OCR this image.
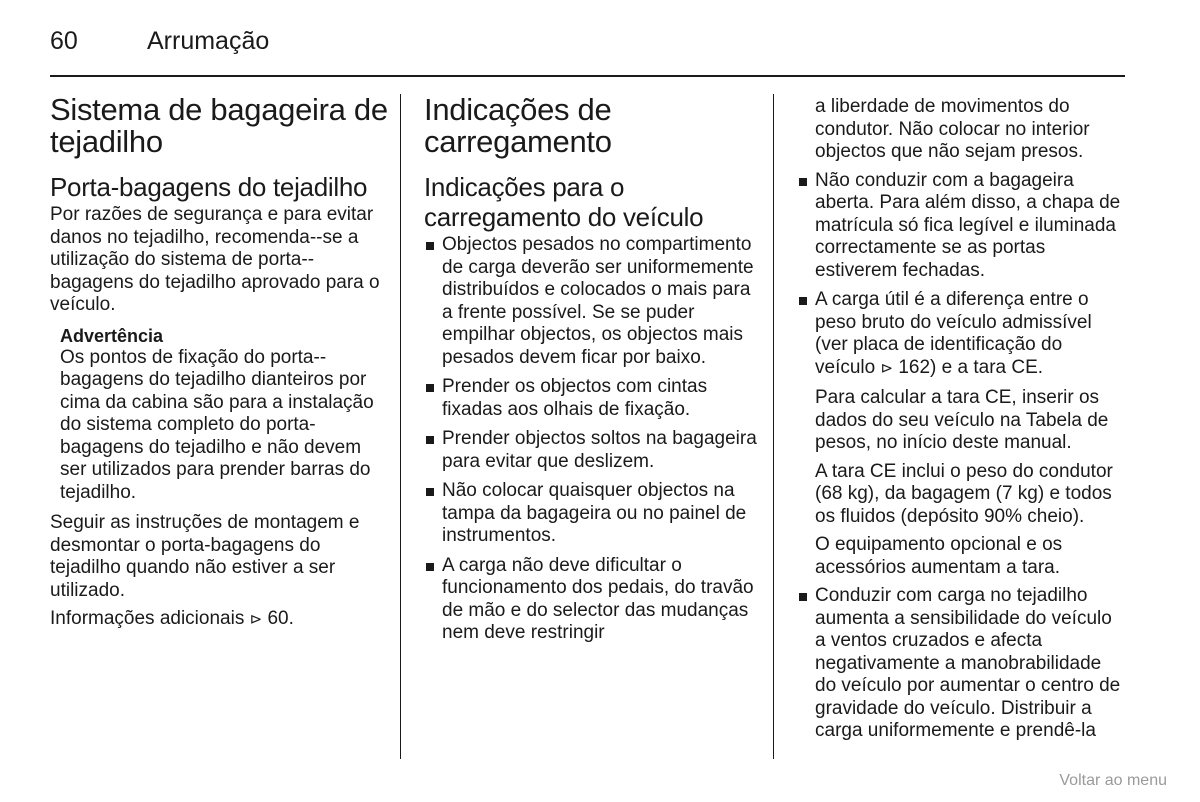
60	Arrumação
Sistema de bagageira de tejadilho
Porta-bagagens do tejadilho

Por razões de segurança e para evitar danos no tejadilho, recomenda--se a utilização do sistema de porta--bagagens do tejadilho aprovado para o veículo.

Advertência
Os pontos de fixação do porta--bagagens do tejadilho dianteiros por cima da cabina são para a instalação do sistema completo do porta-bagagens do tejadilho e não devem ser utilizados para prender barras do tejadilho.

Seguir as instruções de montagem e desmontar o porta-bagagens do tejadilho quando não estiver a ser utilizado.

Informações adicionais ⊳ 60.

Indicações de carregamento
Indicações para o carregamento do veículo
Objectos pesados no compartimento de carga deverão ser uniformemente distribuídos e colocados o mais para a frente possível. Se se puder empilhar objectos, os objectos mais pesados devem ficar por baixo.
Prender os objectos com cintas fixadas aos olhais de fixação.
Prender objectos soltos na bagageira para evitar que deslizem.
Não colocar quaisquer objectos na tampa da bagageira ou no painel de instrumentos.
A carga não deve dificultar o funcionamento dos pedais, do travão de mão e do selector das mudanças nem deve restringir

a liberdade de movimentos do condutor. Não colocar no interior objectos que não sejam presos.

Não conduzir com a bagageira aberta. Para além disso, a chapa de matrícula só fica legível e iluminada correctamente se as portas estiverem fechadas.
A carga útil é a diferença entre o peso bruto do veículo admissível (ver placa de identificação do veículo ⊳ 162) e a tara CE.

Para calcular a tara CE, inserir os dados do seu veículo na Tabela de pesos, no início deste manual.

A tara CE inclui o peso do condutor (68 kg), da bagagem (7 kg) e todos os fluidos (depósito 90% cheio).

O equipamento opcional e os acessórios aumentam a tara.

Conduzir com carga no tejadilho aumenta a sensibilidade do veículo a ventos cruzados e afecta negativamente a manobrabilidade do veículo por aumentar o centro de gravidade do veículo. Distribuir a carga uniformemente e prendê-la
Voltar ao menu
